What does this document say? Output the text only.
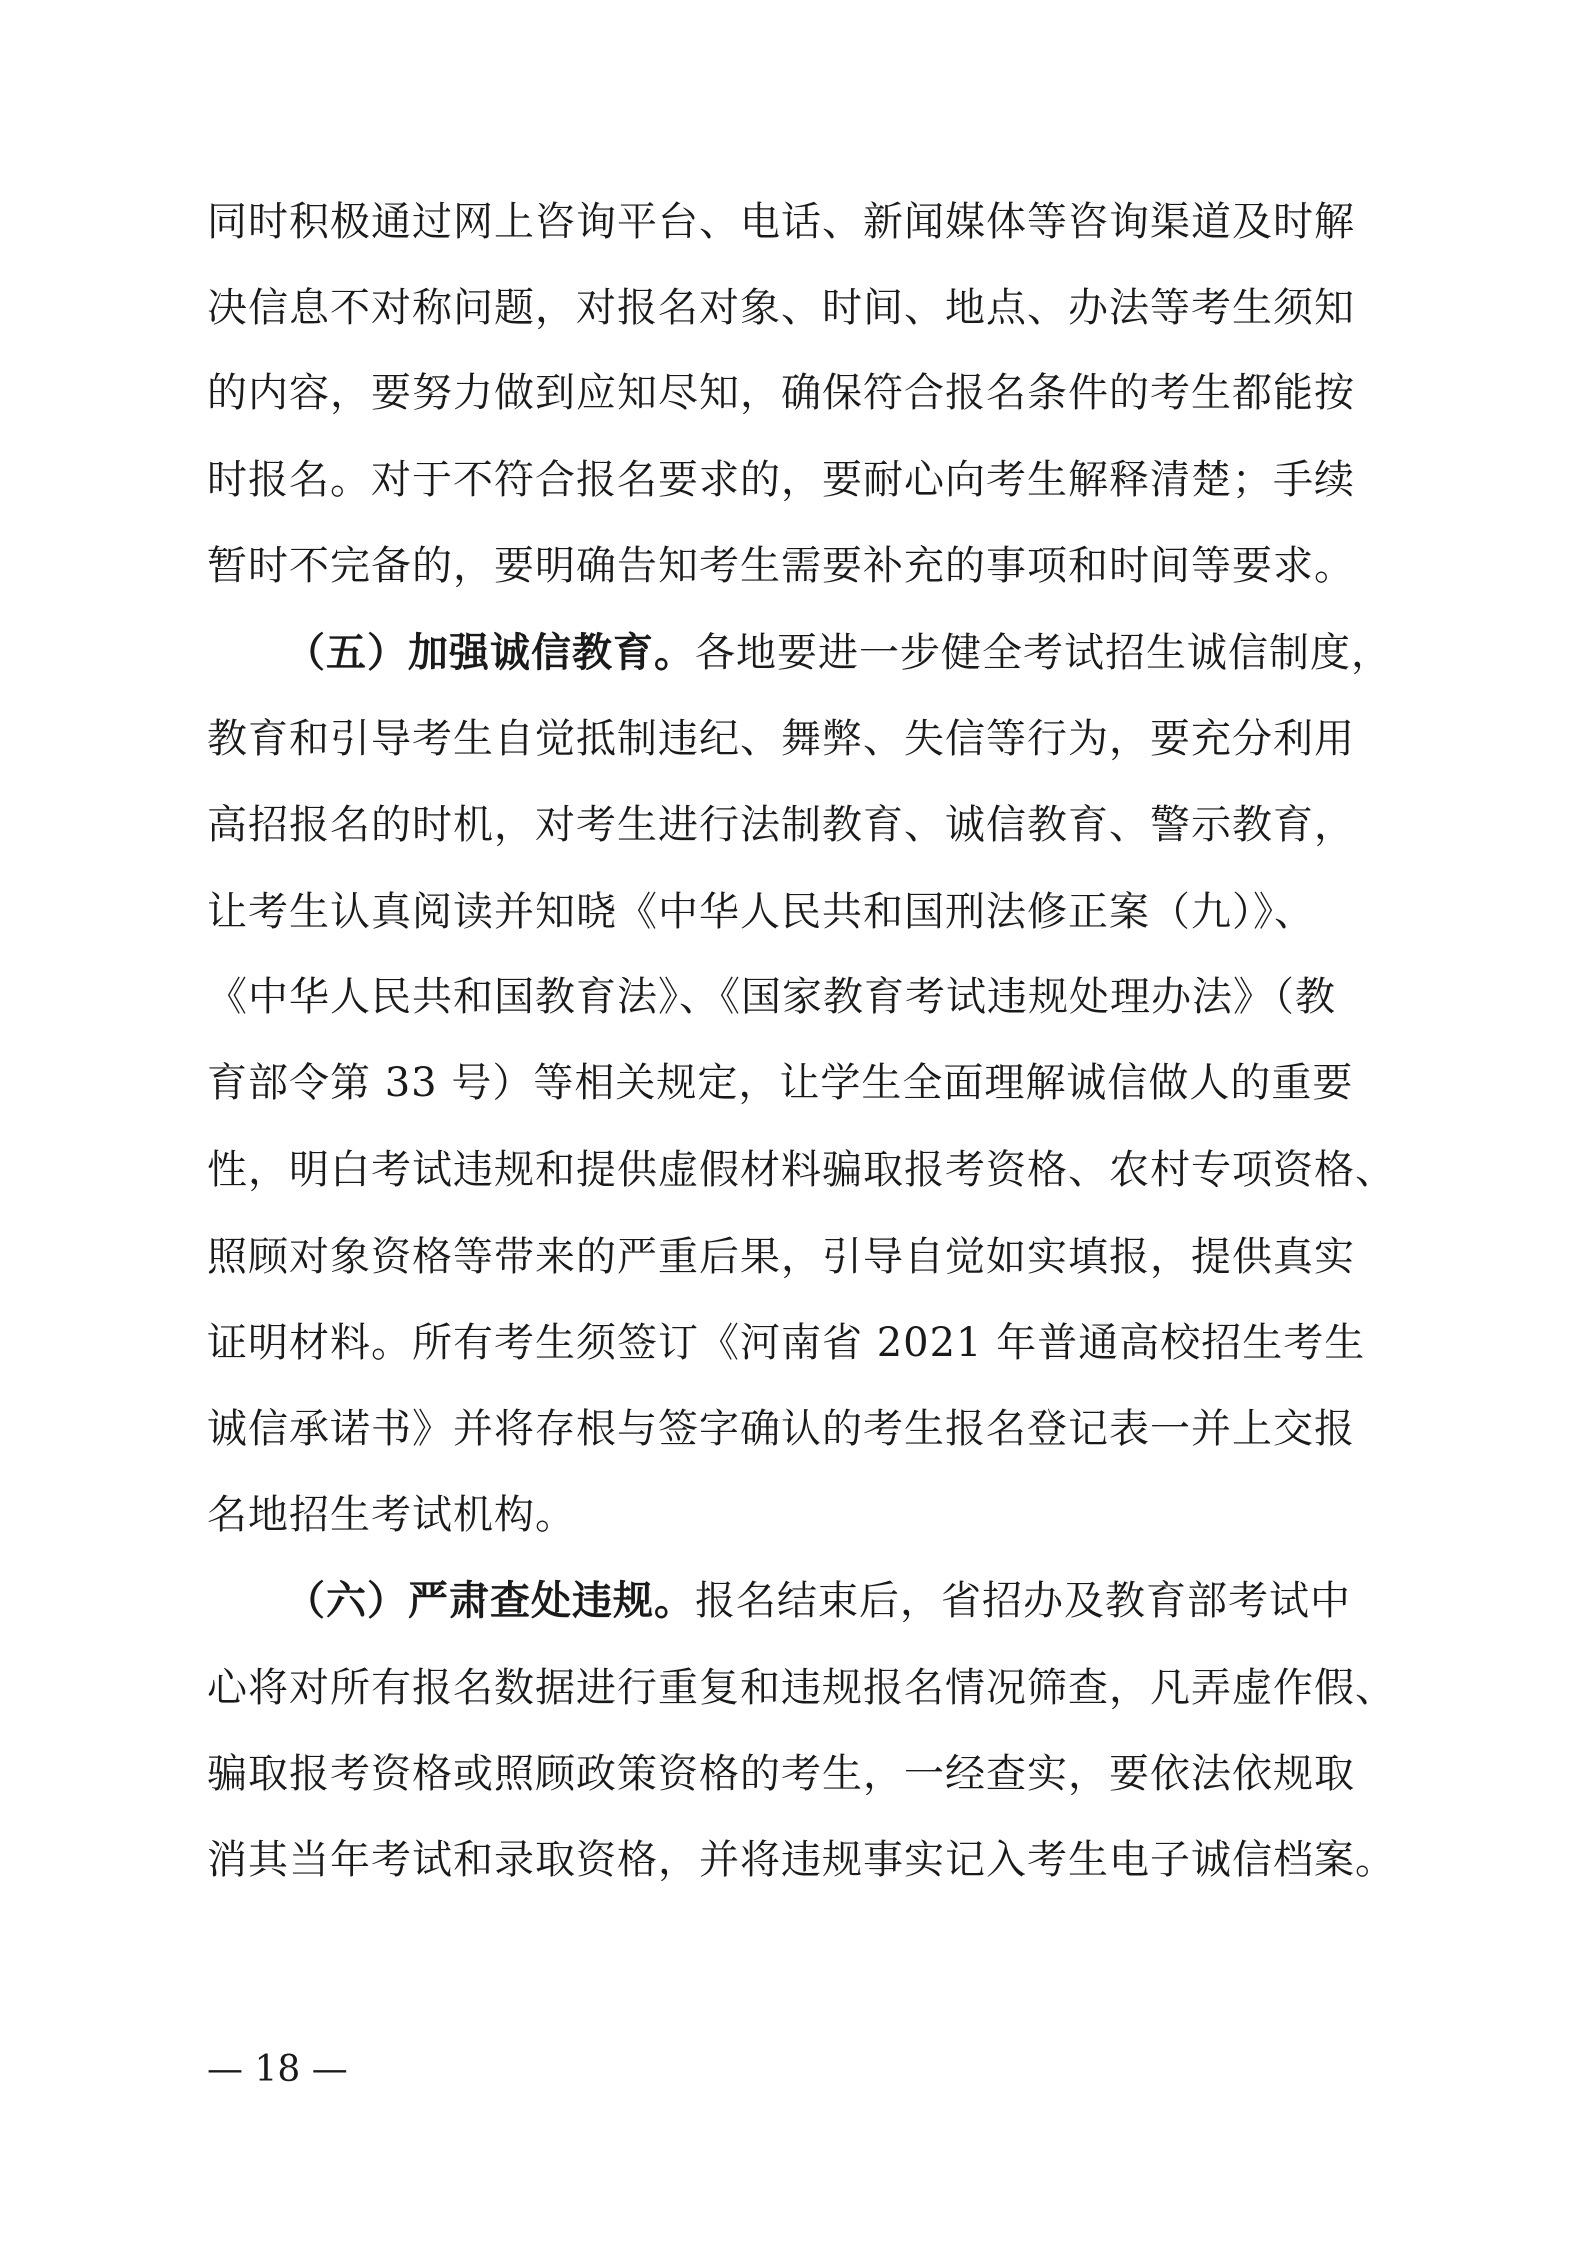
同时积极通过网上咨询平台、电话、新闻媒体等咨询渠道及时解
决信息不对称问题，对报名对象、时间、地点、办法等考生须知
的内容，要努力做到应知尽知，确保符合报名条件的考生都能按
时报名。对于不符合报名要求的，要耐心向考生解释清楚；手续
暂时不完备的，要明确告知考生需要补充的事项和时间等要求。
（五）加强诚信教育。各地要进一步健全考试招生诚信制度，
教育和引导考生自觉抵制违纪、舞弊、失信等行为，要充分利用
高招报名的时机，对考生进行法制教育、诚信教育、警示教育，
让考生认真阅读并知晓《中华人民共和国刑法修正案（九）》、
《中华人民共和国教育法》、《国家教育考试违规处理办法》（教
育部令第 33 号）等相关规定，让学生全面理解诚信做人的重要
性，明白考试违规和提供虚假材料骗取报考资格、农村专项资格、
照顾对象资格等带来的严重后果，引导自觉如实填报，提供真实
证明材料。所有考生须签订《河南省 2021 年普通高校招生考生
诚信承诺书》并将存根与签字确认的考生报名登记表一并上交报
名地招生考试机构。
（六）严肃查处违规。报名结束后，省招办及教育部考试中
心将对所有报名数据进行重复和违规报名情况筛查，凡弄虚作假、
骗取报考资格或照顾政策资格的考生，一经查实，要依法依规取
消其当年考试和录取资格，并将违规事实记入考生电子诚信档案。
— 18 —
